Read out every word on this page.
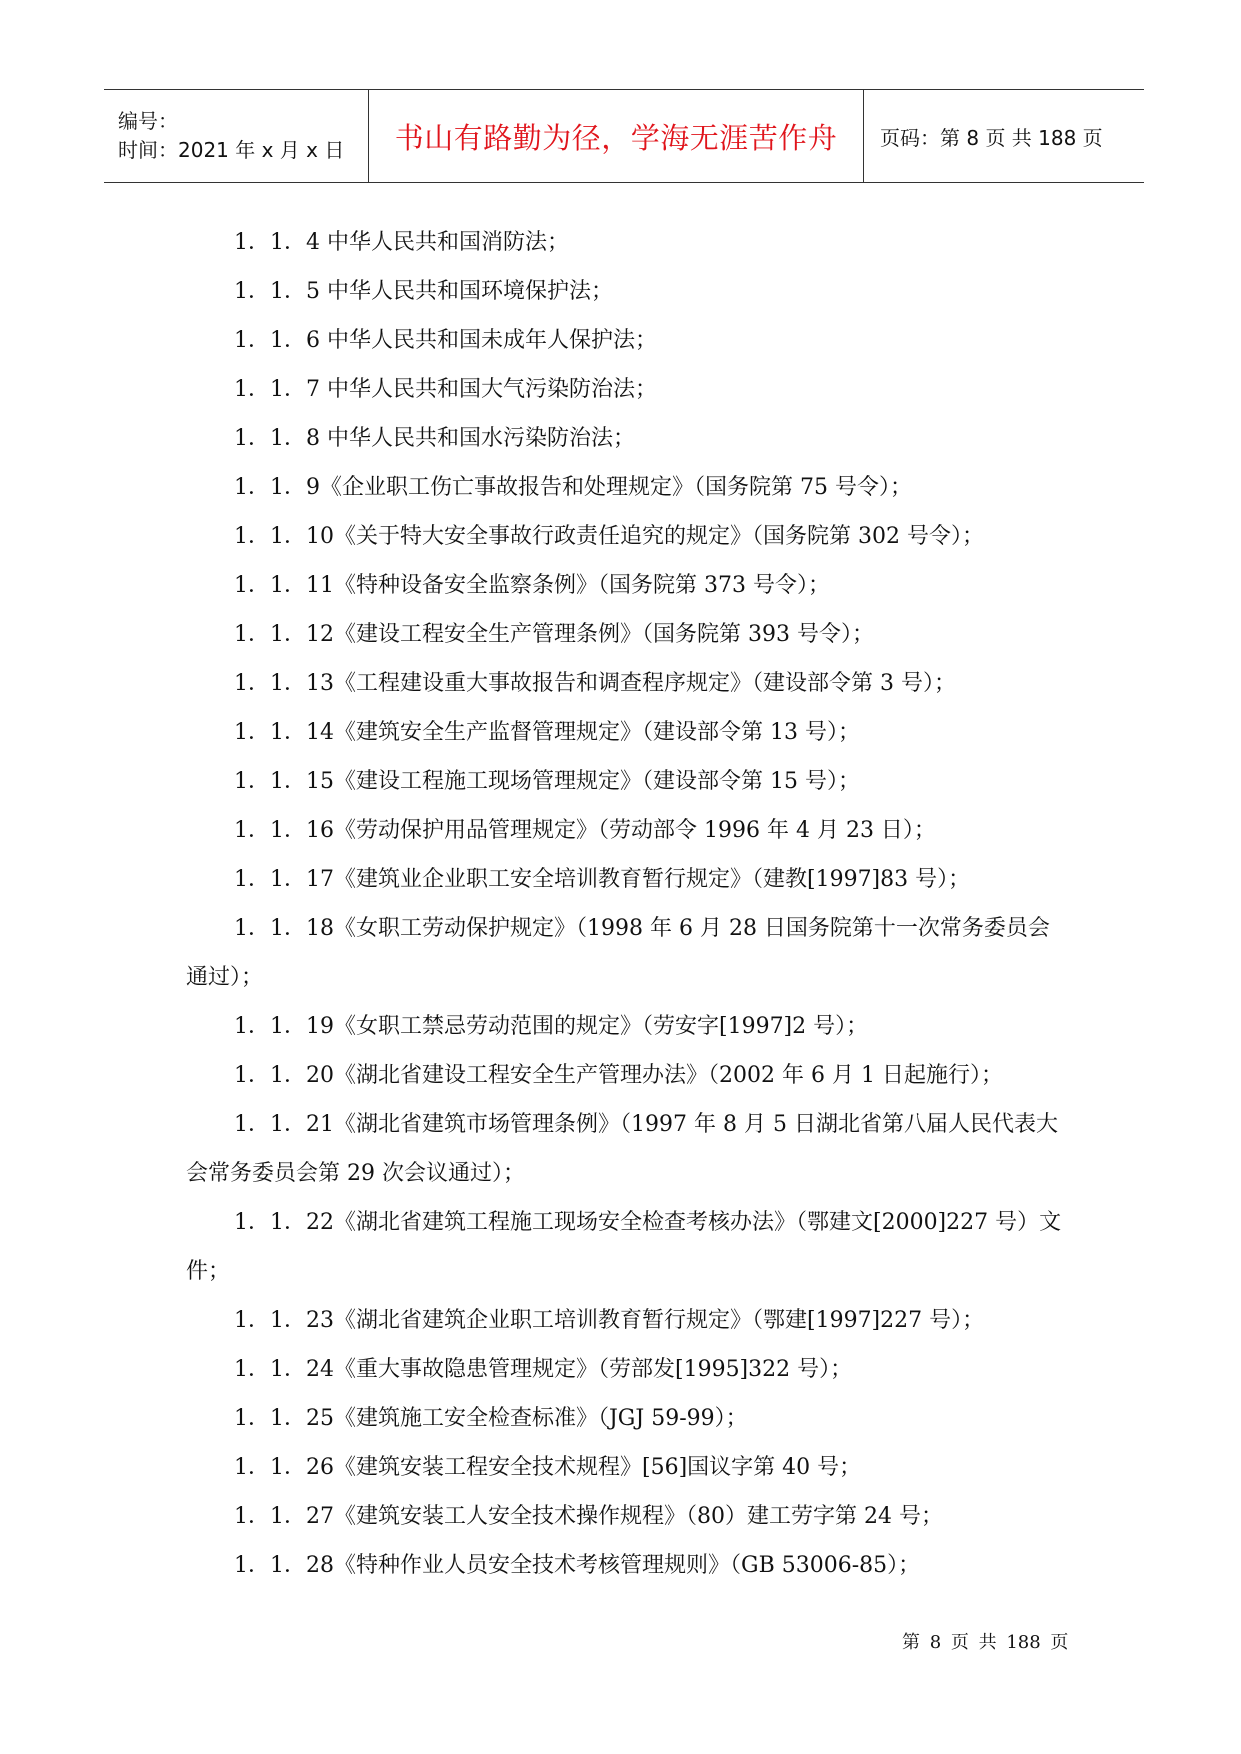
编号：
时间：2021 年 x 月 x 日	书山有路勤为径，学海无涯苦作舟 页码：第 8 页 共 188 页

1．1．4 中华人民共和国消防法；

1．1．5 中华人民共和国环境保护法；

1．1．6 中华人民共和国未成年人保护法；

1．1．7 中华人民共和国大气污染防治法；

1．1．8 中华人民共和国水污染防治法；

1．1．9《企业职工伤亡事故报告和处理规定》（国务院第 75 号令）；

1．1．10《关于特大安全事故行政责任追究的规定》（国务院第 302 号令）；

1．1．11《特种设备安全监察条例》（国务院第 373 号令）；

1．1．12《建设工程安全生产管理条例》（国务院第 393 号令）；

1．1．13《工程建设重大事故报告和调查程序规定》（建设部令第 3 号）；

1．1．14《建筑安全生产监督管理规定》（建设部令第 13 号）；

1．1．15《建设工程施工现场管理规定》（建设部令第 15 号）；

1．1．16《劳动保护用品管理规定》（劳动部令 1996 年 4 月 23 日）；

1．1．17《建筑业企业职工安全培训教育暂行规定》（建教[1997]83 号）；

1．1．18《女职工劳动保护规定》（1998 年 6 月 28 日国务院第十一次常务委员会通过）；

1．1．19《女职工禁忌劳动范围的规定》（劳安字[1997]2 号）；

1．1．20《湖北省建设工程安全生产管理办法》（2002 年 6 月 1 日起施行）；

1．1．21《湖北省建筑市场管理条例》（1997 年 8 月 5 日湖北省第八届人民代表大会常务委员会第 29 次会议通过）；

1．1．22《湖北省建筑工程施工现场安全检查考核办法》（鄂建文[2000]227 号）文件；

1．1．23《湖北省建筑企业职工培训教育暂行规定》（鄂建[1997]227 号）；

1．1．24《重大事故隐患管理规定》（劳部发[1995]322 号）；

1．1．25《建筑施工安全检查标准》（JGJ 59-99）；

1．1．26《建筑安装工程安全技术规程》[56]国议字第 40 号；

1．1．27《建筑安装工人安全技术操作规程》（80）建工劳字第 24 号；

1．1．28《特种作业人员安全技术考核管理规则》（GB 53006-85）；

第 8 页 共 188 页
